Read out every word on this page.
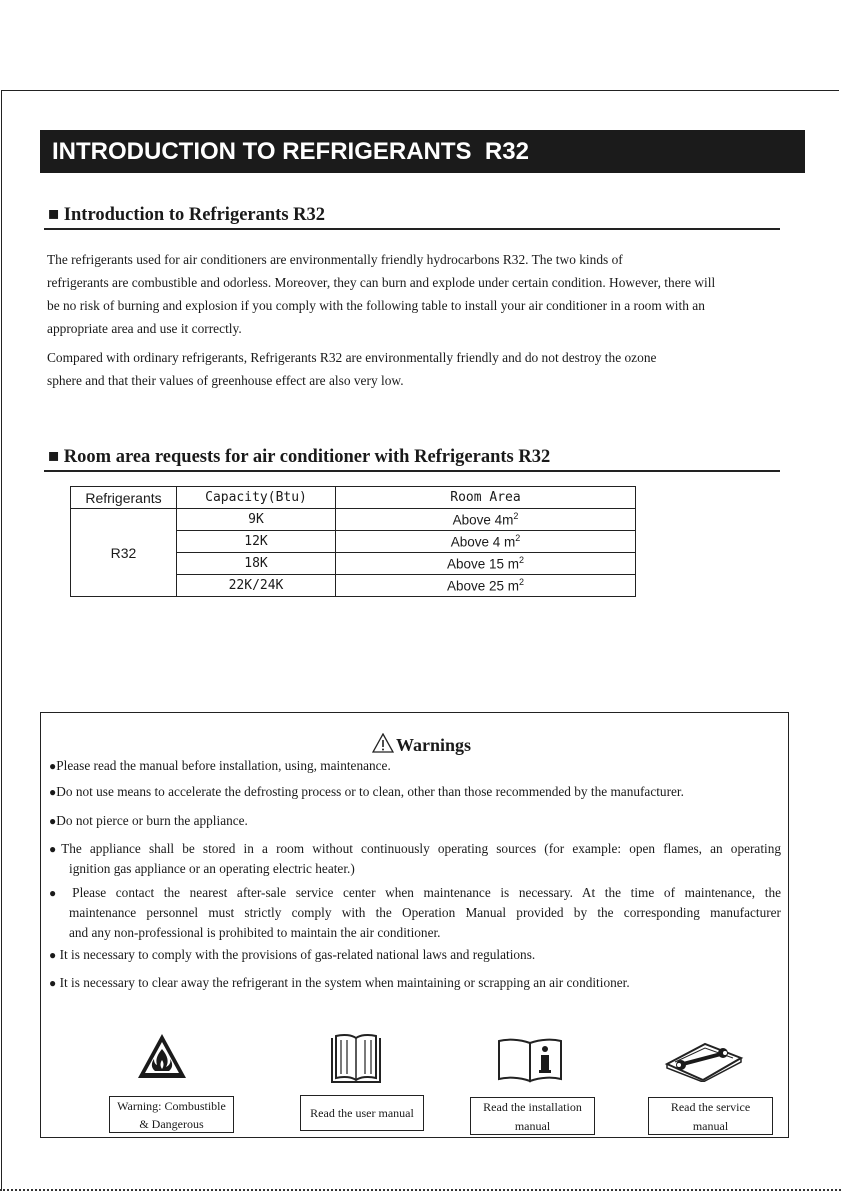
INTRODUCTION TO REFRIGERANTS  R32
■ Introduction to Refrigerants R32
The refrigerants used for air conditioners are environmentally friendly hydrocarbons R32. The two kinds of
refrigerants are combustible and odorless. Moreover, they can burn and explode under certain condition. However, there will
be no risk of burning and explosion if you comply with the following table to install your air conditioner in a room with an
appropriate area and use it correctly.
Compared with ordinary refrigerants, Refrigerants R32 are environmentally friendly and do not destroy the ozone
sphere and that their values of greenhouse effect are also very low.
■ Room area requests for air conditioner with Refrigerants R32
Refrigerants	Capacity(Btu)	Room Area
R32	9K	Above $4m^2$
	12K	Above 4 $m^2$
	18K	Above 15 $m^2$
	22K/24K	Above 25 $m^2$
Warnings
●Please read the manual before installation, using, maintenance.
●Do not use means to accelerate the defrosting process or to clean, other than those recommended by the manufacturer.
●Do not pierce or burn the appliance.
●The appliance shall be stored in a room without continuously operating sources (for example: open flames, an operating
ignition gas appliance or an operating electric heater.)
● Please contact the nearest after-sale service center when maintenance is necessary. At the time of maintenance, the
maintenance personnel must strictly comply with the Operation Manual provided by the corresponding manufacturer
and any non-professional is prohibited to maintain the air conditioner.
● It is necessary to comply with the provisions of gas-related national laws and regulations.
● It is necessary to clear away the refrigerant in the system when maintaining or scrapping an air conditioner.
Warning: Combustible
& Dangerous
Read the user manual	Read the installation
manual
Read the service
manual
